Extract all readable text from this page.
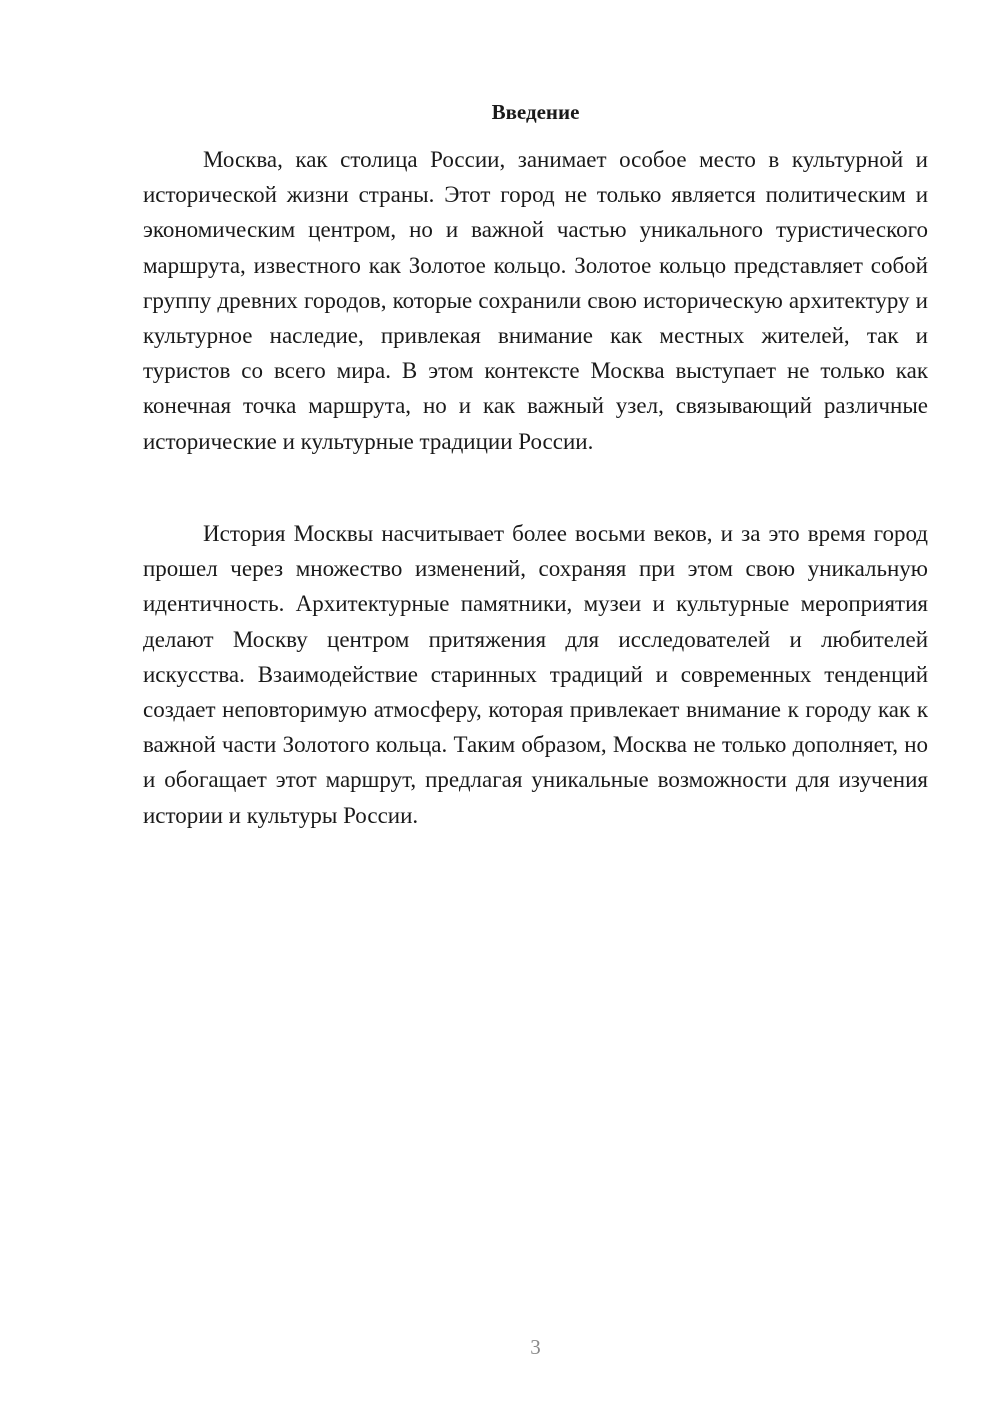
Введение

Москва, как столица России, занимает особое место в культурной и исторической жизни страны. Этот город не только является политическим и экономическим центром, но и важной частью уникального туристического маршрута, известного как Золотое кольцо. Золотое кольцо представляет собой группу древних городов, которые сохранили свою историческую архитектуру и культурное наследие, привлекая внимание как местных жителей, так и туристов со всего мира. В этом контексте Москва выступает не только как конечная точка маршрута, но и как важный узел, связывающий различные исторические и культурные традиции России.

История Москвы насчитывает более восьми веков, и за это время город прошел через множество изменений, сохраняя при этом свою уникальную идентичность. Архитектурные памятники, музеи и культурные мероприятия делают Москву центром притяжения для исследователей и любителей искусства. Взаимодействие старинных традиций и современных тенденций создает неповторимую атмосферу, которая привлекает внимание к городу как к важной части Золотого кольца. Таким образом, Москва не только дополняет, но и обогащает этот маршрут, предлагая уникальные возможности для изучения истории и культуры России.

3
